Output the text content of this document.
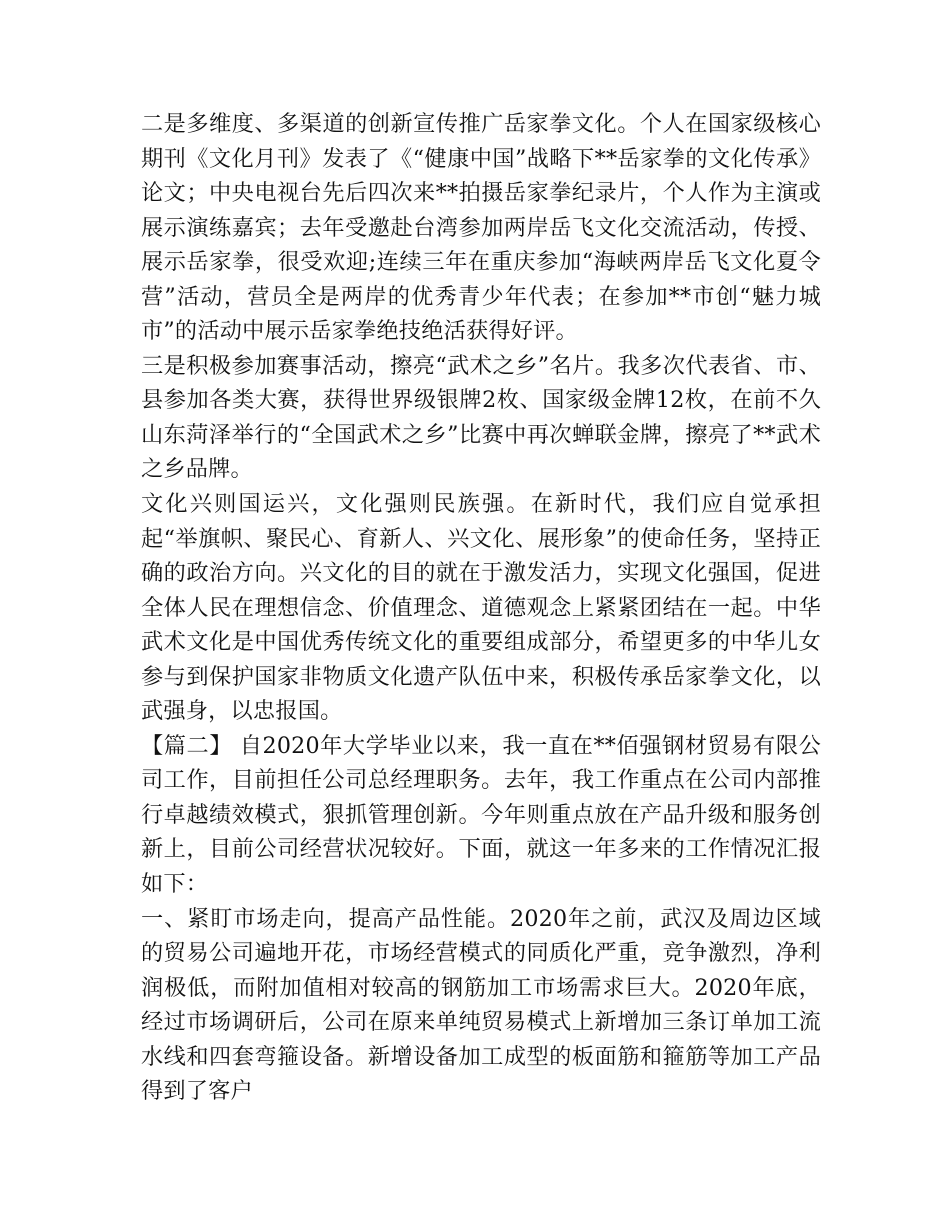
二是多维度、多渠道的创新宣传推广岳家拳文化。个人在国家级核心期刊《文化月刊》发表了《“健康中国”战略下**岳家拳的文化传承》论文；中央电视台先后四次来**拍摄岳家拳纪录片，个人作为主演或展示演练嘉宾；去年受邀赴台湾参加两岸岳飞文化交流活动，传授、展示岳家拳，很受欢迎;连续三年在重庆参加“海峡两岸岳飞文化夏令营”活动，营员全是两岸的优秀青少年代表；在参加**市创“魅力城市”的活动中展示岳家拳绝技绝活获得好评。

三是积极参加赛事活动，擦亮“武术之乡”名片。我多次代表省、市、县参加各类大赛，获得世界级银牌2枚、国家级金牌12枚，在前不久山东菏泽举行的“全国武术之乡”比赛中再次蝉联金牌，擦亮了**武术之乡品牌。

文化兴则国运兴，文化强则民族强。在新时代，我们应自觉承担起“举旗帜、聚民心、育新人、兴文化、展形象”的使命任务，坚持正确的政治方向。兴文化的目的就在于激发活力，实现文化强国，促进全体人民在理想信念、价值理念、道德观念上紧紧团结在一起。中华武术文化是中国优秀传统文化的重要组成部分，希望更多的中华儿女参与到保护国家非物质文化遗产队伍中来，积极传承岳家拳文化，以武强身，以忠报国。

【篇二】 自2020年大学毕业以来，我一直在**佰强钢材贸易有限公司工作，目前担任公司总经理职务。去年，我工作重点在公司内部推行卓越绩效模式，狠抓管理创新。今年则重点放在产品升级和服务创新上，目前公司经营状况较好。下面，就这一年多来的工作情况汇报如下：

一、紧盯市场走向，提高产品性能。2020年之前，武汉及周边区域的贸易公司遍地开花，市场经营模式的同质化严重，竞争激烈，净利润极低，而附加值相对较高的钢筋加工市场需求巨大。2020年底，经过市场调研后，公司在原来单纯贸易模式上新增加三条订单加工流水线和四套弯箍设备。新增设备加工成型的板面筋和箍筋等加工产品得到了客户
